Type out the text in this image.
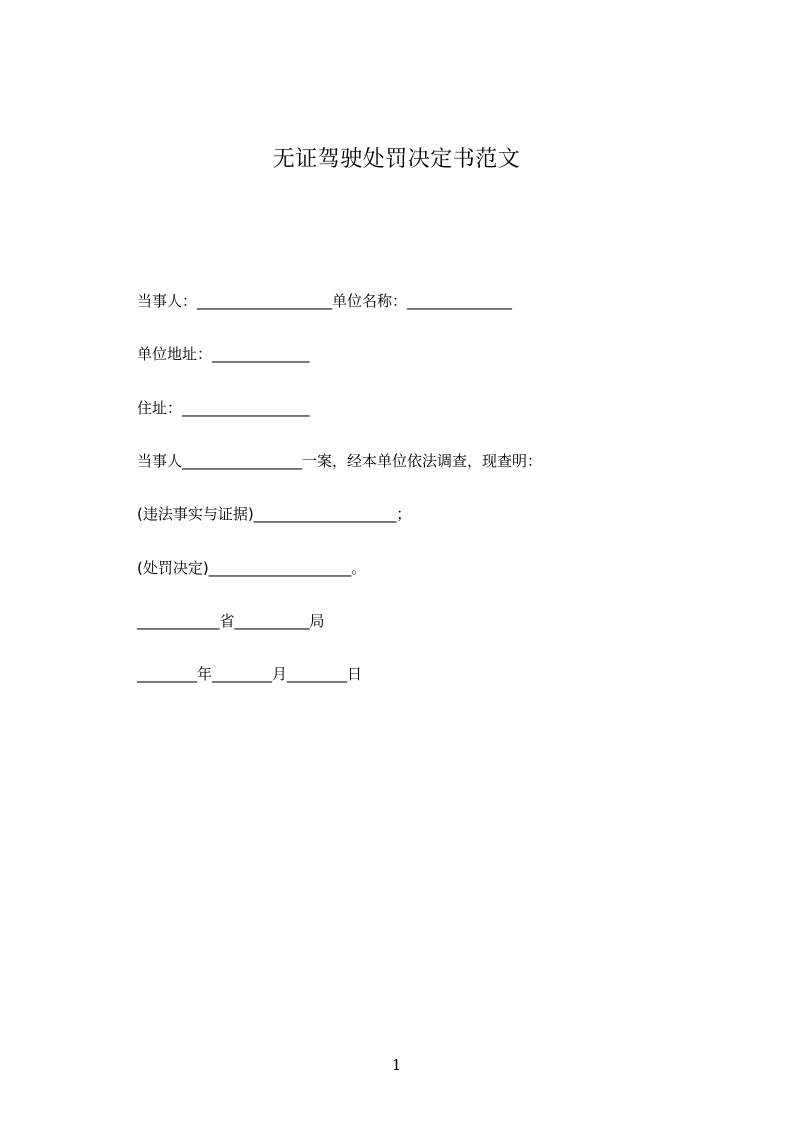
无证驾驶处罚决定书范文
当事人：__________________单位名称：______________
单位地址：_____________
住址：_________________
当事人________________一案，经本单位依法调查，现查明：
(违法事实与证据)___________________；
(处罚决定)___________________。
___________省__________局
________年________月________日
1
